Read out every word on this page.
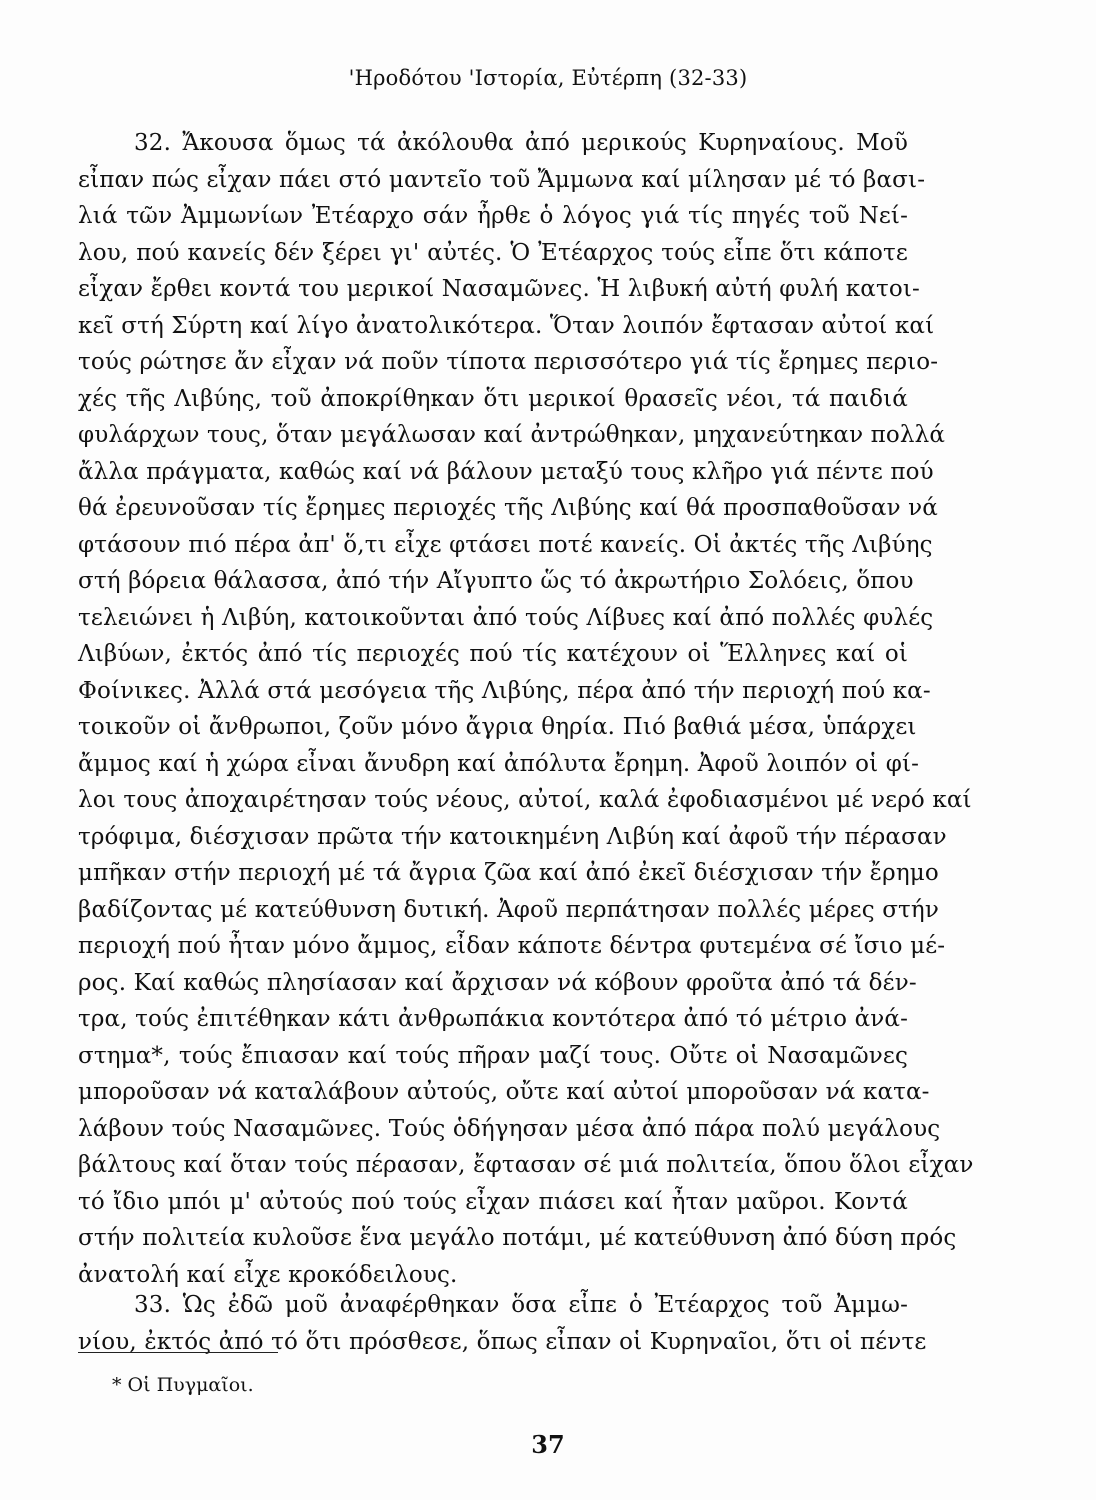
'Ηροδότου 'Ιστορία, Εὐτέρπη (32-33)
32. Ἄκουσα ὅμως τά ἀκόλουθα ἀπό μερικούς Κυρηναίους. Μοῦ
εἶπαν πώς εἶχαν πάει στό μαντεῖο τοῦ Ἄμμωνα καί μίλησαν μέ τό βασι-
λιά τῶν Ἀμμωνίων Ἐτέαρχο σάν ἦρθε ὁ λόγος γιά τίς πηγές τοῦ Νεί-
λου, πού κανείς δέν ξέρει γι' αὐτές. Ὁ Ἐτέαρχος τούς εἶπε ὅτι κάποτε
εἶχαν ἔρθει κοντά του μερικοί Νασαμῶνες. Ἡ λιβυκή αὐτή φυλή κατοι-
κεῖ στή Σύρτη καί λίγο ἀνατολικότερα. Ὅταν λοιπόν ἔφτασαν αὐτοί καί
τούς ρώτησε ἄν εἶχαν νά ποῦν τίποτα περισσότερο γιά τίς ἔρημες περιο-
χές τῆς Λιβύης, τοῦ ἀποκρίθηκαν ὅτι μερικοί θρασεῖς νέοι, τά παιδιά
φυλάρχων τους, ὅταν μεγάλωσαν καί ἀντρώθηκαν, μηχανεύτηκαν πολλά
ἄλλα πράγματα, καθώς καί νά βάλουν μεταξύ τους κλῆρο γιά πέντε πού
θά ἐρευνοῦσαν τίς ἔρημες περιοχές τῆς Λιβύης καί θά προσπαθοῦσαν νά
φτάσουν πιό πέρα ἀπ' ὅ,τι εἶχε φτάσει ποτέ κανείς. Οἱ ἀκτές τῆς Λιβύης
στή βόρεια θάλασσα, ἀπό τήν Αἴγυπτο ὥς τό ἀκρωτήριο Σολόεις, ὅπου
τελειώνει ἡ Λιβύη, κατοικοῦνται ἀπό τούς Λίβυες καί ἀπό πολλές φυλές
Λιβύων, ἐκτός ἀπό τίς περιοχές πού τίς κατέχουν οἱ Ἕλληνες καί οἱ
Φοίνικες. Ἀλλά στά μεσόγεια τῆς Λιβύης, πέρα ἀπό τήν περιοχή πού κα-
τοικοῦν οἱ ἄνθρωποι, ζοῦν μόνο ἄγρια θηρία. Πιό βαθιά μέσα, ὑπάρχει
ἄμμος καί ἡ χώρα εἶναι ἄνυδρη καί ἀπόλυτα ἔρημη. Ἀφοῦ λοιπόν οἱ φί-
λοι τους ἀποχαιρέτησαν τούς νέους, αὐτοί, καλά ἐφοδιασμένοι μέ νερό καί
τρόφιμα, διέσχισαν πρῶτα τήν κατοικημένη Λιβύη καί ἀφοῦ τήν πέρασαν
μπῆκαν στήν περιοχή μέ τά ἄγρια ζῶα καί ἀπό ἐκεῖ διέσχισαν τήν ἔρημο
βαδίζοντας μέ κατεύθυνση δυτική. Ἀφοῦ περπάτησαν πολλές μέρες στήν
περιοχή πού ἦταν μόνο ἄμμος, εἶδαν κάποτε δέντρα φυτεμένα σέ ἴσιο μέ-
ρος. Καί καθώς πλησίασαν καί ἄρχισαν νά κόβουν φροῦτα ἀπό τά δέν-
τρα, τούς ἐπιτέθηκαν κάτι ἀνθρωπάκια κοντότερα ἀπό τό μέτριο ἀνά-
στημα*, τούς ἔπιασαν καί τούς πῆραν μαζί τους. Οὔτε οἱ Νασαμῶνες
μποροῦσαν νά καταλάβουν αὐτούς, οὔτε καί αὐτοί μποροῦσαν νά κατα-
λάβουν τούς Νασαμῶνες. Τούς ὁδήγησαν μέσα ἀπό πάρα πολύ μεγάλους
βάλτους καί ὅταν τούς πέρασαν, ἔφτασαν σέ μιά πολιτεία, ὅπου ὅλοι εἶχαν
τό ἴδιο μπόι μ' αὐτούς πού τούς εἶχαν πιάσει καί ἦταν μαῦροι. Κοντά
στήν πολιτεία κυλοῦσε ἕνα μεγάλο ποτάμι, μέ κατεύθυνση ἀπό δύση πρός
ἀνατολή καί εἶχε κροκόδειλους.
33. Ὡς ἐδῶ μοῦ ἀναφέρθηκαν ὅσα εἶπε ὁ Ἐτέαρχος τοῦ Ἀμμω-
νίου, ἐκτός ἀπό τό ὅτι πρόσθεσε, ὅπως εἶπαν οἱ Κυρηναῖοι, ὅτι οἱ πέντε
* Οἱ Πυγμαῖοι.
37
